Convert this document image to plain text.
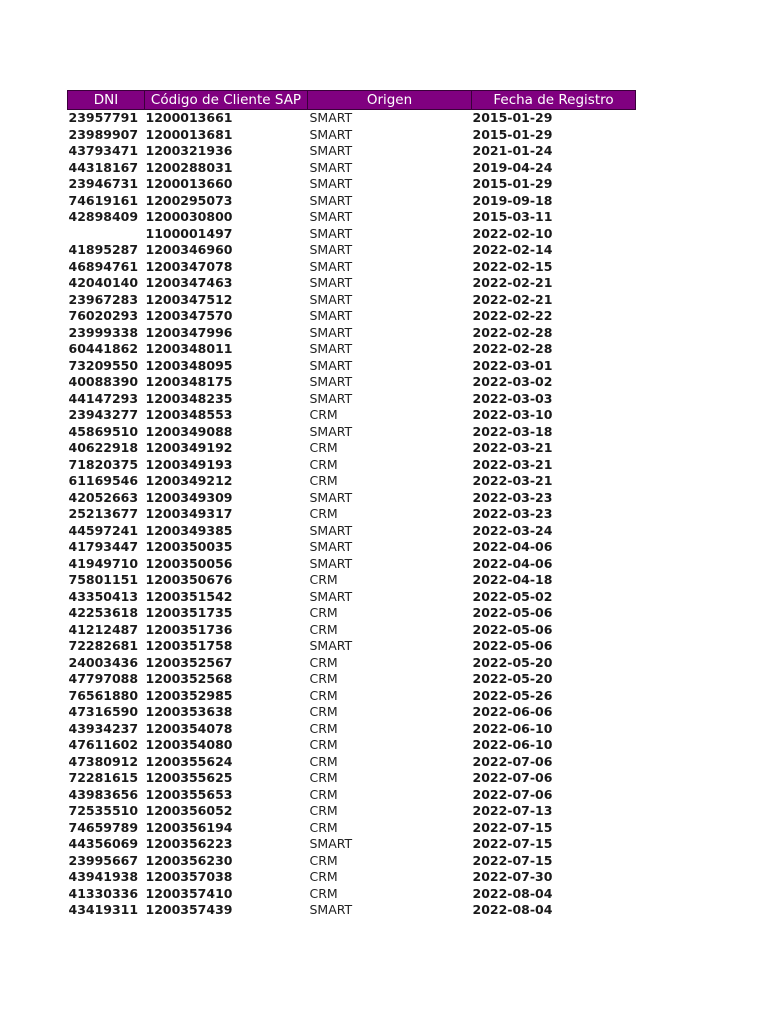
DNI	Código de Cliente SAP	Origen	Fecha de Registro
23957791	1200013661	SMART	2015-01-29
23989907	1200013681	SMART	2015-01-29
43793471	1200321936	SMART	2021-01-24
44318167	1200288031	SMART	2019-04-24
23946731	1200013660	SMART	2015-01-29
74619161	1200295073	SMART	2019-09-18
42898409	1200030800	SMART	2015-03-11
	1100001497	SMART	2022-02-10
41895287	1200346960	SMART	2022-02-14
46894761	1200347078	SMART	2022-02-15
42040140	1200347463	SMART	2022-02-21
23967283	1200347512	SMART	2022-02-21
76020293	1200347570	SMART	2022-02-22
23999338	1200347996	SMART	2022-02-28
60441862	1200348011	SMART	2022-02-28
73209550	1200348095	SMART	2022-03-01
40088390	1200348175	SMART	2022-03-02
44147293	1200348235	SMART	2022-03-03
23943277	1200348553	CRM	2022-03-10
45869510	1200349088	SMART	2022-03-18
40622918	1200349192	CRM	2022-03-21
71820375	1200349193	CRM	2022-03-21
61169546	1200349212	CRM	2022-03-21
42052663	1200349309	SMART	2022-03-23
25213677	1200349317	CRM	2022-03-23
44597241	1200349385	SMART	2022-03-24
41793447	1200350035	SMART	2022-04-06
41949710	1200350056	SMART	2022-04-06
75801151	1200350676	CRM	2022-04-18
43350413	1200351542	SMART	2022-05-02
42253618	1200351735	CRM	2022-05-06
41212487	1200351736	CRM	2022-05-06
72282681	1200351758	SMART	2022-05-06
24003436	1200352567	CRM	2022-05-20
47797088	1200352568	CRM	2022-05-20
76561880	1200352985	CRM	2022-05-26
47316590	1200353638	CRM	2022-06-06
43934237	1200354078	CRM	2022-06-10
47611602	1200354080	CRM	2022-06-10
47380912	1200355624	CRM	2022-07-06
72281615	1200355625	CRM	2022-07-06
43983656	1200355653	CRM	2022-07-06
72535510	1200356052	CRM	2022-07-13
74659789	1200356194	CRM	2022-07-15
44356069	1200356223	SMART	2022-07-15
23995667	1200356230	CRM	2022-07-15
43941938	1200357038	CRM	2022-07-30
41330336	1200357410	CRM	2022-08-04
43419311	1200357439	SMART	2022-08-04
